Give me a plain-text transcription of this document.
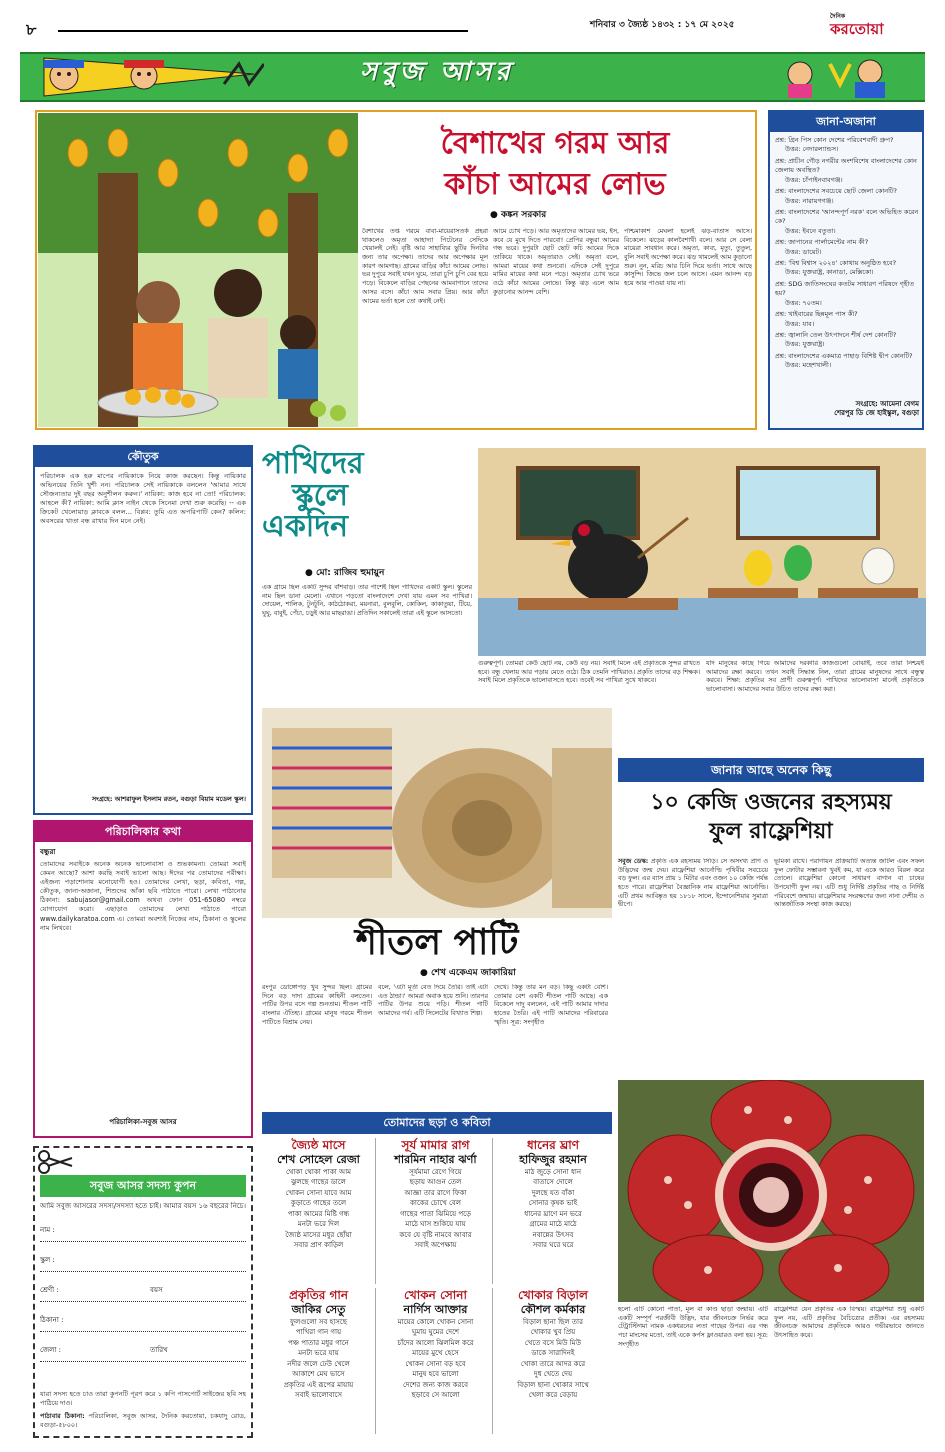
৮	শনিবার ৩ জ্যৈষ্ঠ ১৪৩২ : ১৭ মে ২০২৫
দৈনিক
করতোয়া
সবুজ আসর
বৈশাখের গরম আর
কাঁচা আমের লোভ
● কঙ্কন সরকার
বৈশাখের তপ্ত গরমে বাবা-মায়েরাসতর্ক প্রহরা থাকলেও অমৃতা আহাদ্যা পিটেনের সেদিকে খেয়ালই নেই। বৃষ্টি আর সাহায্যির ছুটির দিনটার জন্য তার অপেক্ষা। তাদের আর অপেক্ষার মূল কারণ আমগাছ। গ্রামের বাড়ির কাঁচা আমের লোভ। ভর দুপুরে সবাই যখন ঘুমে, তারা চুপি চুপি বের হয়ে পড়ে। বিকেলে বাড়ির পেছনের আমবাগানে তাদের আসর বসে। কাঁচা আম সবার প্রিয়। আর কাঁচা আমের ভর্তা হলে তো কথাই নেই।
আমে চোখ পড়ে। আর অমৃতাদের আমের ভয়, ইস, কবে যে মুখে দিতে পারবো! প্রেপির বন্ধুরা আমের গন্ধ ভরে। দুপুরটা ছোট ছোট কচি আমের দিকে তাকিয়ে থাকে। অমৃতারাও সেই। অমৃতা বলে, আমরা মায়ের কথা শুনবো। এদিকে সেই দুপুরে মামির মায়ের কথা মনে পড়ে। অমৃতার চোখ ভরে ওঠে কাঁচা আমের লোভে। কিন্তু ঝড় এলে আম কুড়ানোর আনন্দ বেশি।
পশ্চিমাকাশ মেঘলা হলেই ঝড়-বাতাস আসে। বিকেলে। ঝড়ের কালবৈশাখী বলে। আর সে বেলা মায়েরা সাবধান করে। অমৃতা, কাব্য, মৃত্যু, তুতুল, বুলি সবাই অপেক্ষা করে। ঝড় থামলেই আম কুড়ানো শুরু। নুন, মরিচ আর চিনি দিয়ে ভর্তা। সাথে আছে কাসুন্দি। জিভে জল চলে আসে। এমন আনন্দ বড় হয়ে আর পাওয়া যায় না।
জানা-অজানা

প্রশ্ন: গ্রিন পিস কোন দেশের পরিবেশবাদী গ্রুপ?
উত্তর: নেদারল্যান্ডস।

প্রশ্ন: প্রাচীন গৌড় নগরীর অংশবিশেষ বাংলাদেশের কোন জেলায় অবস্থিত?
উত্তর: চাঁপাইনবাবগঞ্জ।

প্রশ্ন: বাংলাদেশের সবচেয়ে ছোট জেলা কোনটি?
উত্তর: নারায়ণগঞ্জ।

প্রশ্ন: বাংলাদেশের 'আনন্দপূর্ণ নরক' বলে অভিহিত করেন কে?
উত্তর: ইবনে বতুতা।

প্রশ্ন: জাপানের পার্লামেন্টের নাম কী?
উত্তর: ডায়েট।

প্রশ্ন: 'বিশ্ব বিশ্বাস ২০২৪' কোথায় অনুষ্ঠিত হবে?
উত্তর: যুক্তরাষ্ট্র, কানাডা, মেক্সিকো।

প্রশ্ন: SDG জাতিসংঘের কতটম সাধারণ পরিষদে গৃহীত হয়?
উত্তর: ৭০তম।

প্রশ্ন: খাইবারের ছিন্নমূল পাস কী?
উত্তর: যাব।

প্রশ্ন: জ্বালানি তেল উৎপাদনে শীর্ষ দেশ কোনটি?
উত্তর: যুক্তরাষ্ট্র।

প্রশ্ন: বাংলাদেশের একমাত্র পাহাড় বিশিষ্ট দ্বীপ কোনটি?
উত্তর: মহেশখালী।

সংগ্রহে: আমেনা বেগম
শেরপুর ডি জে হাইস্কুল, বগুড়া
কৌতুক
পরিচালক এক হরু মাপের নায়িকাকে নিয়ে কাজ করছেন। কিন্তু নায়িকার অভিনয়ের তিনি খুশী নন। পরিচালক সেই নায়িকাকে বললেন 'আমার সাথে সৌজন্যতার দুই বছর অনুশীলন করুন।' নায়িকা: কাজ হবে না তো! পরিচালক: আহলে কী? নায়িকা: আমি ক্লাস নাইন থেকে সিনেমা দেখা শুরু করেছি। -- এক ক্রিকেট খেলোয়াড় ক্লাবকে বলল... বিপ্লব: তুমি এত অপরিপাটি কেন? কলিন: অবসরের খাতা বন্ধ রাখার দিন মনে নেই।
সংগ্রহে: আশরাফুল ইসলাম রতন, বগুড়া বিয়াম মডেল স্কুল।
পাখিদের
স্কুলে
একদিন
● মো: রাজিব হুমায়ুন
এক গ্রামে ছিল একটি সুন্দর বাঁশবাড়। তার পাশেই ছিল পাখিদের একটি স্কুল। স্কুলের নাম ছিল ডানা মেলো। এখানে পড়তো বাংলাদেশে দেখা যায় এমন সব পাখিরা। দোয়েল, শালিক, টুনটুনি, কাঠঠোকরা, ময়নারা, বুলবুলি, কোকিল, কাকাতুয়া, টিয়ে, ঘুঘু, বাবুই, পেঁচা, চড়ুই আর মাছরাঙা। প্রতিদিন সকালেই তারা এই স্কুলে আসতো।
গুরুত্বপূর্ণ। তোমরা কেউ ছোট নয়, কেউ বড় নয়। সবাই মিলে এই প্রকৃতিকে সুন্দর রাখতে হবে। বন্ধু খেলায় আর পড়ায় মেতে ওঠে। ঠিক তেমনি পাখিরাও। প্রকৃতি তাদের বড় শিক্ষক। সবাই মিলে প্রকৃতিকে ভালোবাসতে হবে। তবেই সব পাখিরা সুখে থাকবে।
যদি মানুষের কাছে গিয়ে আমাদের দরকারি কাজগুলো বোঝাই, তবে তারা নিশ্চয়ই আমাদের রক্ষা করবে। তখন সবাই সিদ্ধান্ত নিল, তারা গ্রামের মানুষদের সাথে বন্ধুত্ব করবে। শিক্ষা: প্রকৃতির সব প্রাণী গুরুত্বপূর্ণ। পাখিদের ভালোবাসা মানেই প্রকৃতিকে ভালোবাসা। আমাদের সবার উচিত তাদের রক্ষা করা।
পরিচালিকার কথা
বন্ধুরা
তোমাদের সবাইকে অনেক অনেক ভালোবাসা ও শুভকামনা। তোমরা সবাই কেমন আছো? আশা করছি সবাই ভালো আছ। ঈদের পর তোমাদের পরীক্ষা। এইজন্য পড়াশোনায় মনোযোগী হও। তোমাদের লেখা, ছড়া, কবিতা, গল্প, কৌতুক, জানা-অজানা, শিশুদের আঁকা ছবি পাঠাতে পারো। লেখা পাঠানোর ঠিকানা: sabujasor@gmail.com অথবা ফোন 051-65080 নম্বরে যোগাযোগ করো। এছাড়াও তোমাদের লেখা পাঠাতে পারো www.dailykaratoa.com এ। তোমরা অবশ্যই নিজের নাম, ঠিকানা ও স্কুলের নাম লিখবে।
পরিচালিকা-সবুজ আসর
শীতল পাটি
● শেখ একেএম জাকারিয়া
রংপুর ডোঙ্গোপড় খুব সুন্দর ছিল। গ্রামের দিনে বড় দাদা গ্রামের কাহিনী বলতেন। পাটির উপর বসে গল্প শুনতাম। শীতল পাটি বাংলার ঐতিহ্য। গ্রামের মানুষ গরমে শীতল পাটিতে বিশ্রাম নেয়।
বলে, 'এটা মূর্তা বেত দিয়ে তৈরি। তাই এটা এত ঠান্ডা।' আমরা অবাক হয়ে শুনি। তারপর পাটির উপর শুয়ে পড়ি। শীতল পাটি আমাদের গর্ব। এটি সিলেটের বিখ্যাত শিল্প।
দেখে। কিন্তু তার মন বড়। কিছু একটা বেশি। তোমার বেশ একটি শীতল পাটি আছে। এক বিকেলে দাদু বললেন, এই পাটি আমার দাদার হাতের তৈরি। এই পাটি আমাদের পরিবারের স্মৃতি। সূত্র: সংগৃহীত
জানার আছে অনেক কিছু
১০ কেজি ওজনের রহস্যময়
ফুল রাফ্লেশিয়া
সবুজ ডেস্ক: প্রকৃতি এক রহস্যময় সিঁড়ি। সে অসংখ্য প্রাণ ও উদ্ভিদের জন্ম দেয়। রাফ্লেশিয়া আর্নোল্ডি পৃথিবীর সবচেয়ে বড় ফুল। এর ব্যাস প্রায় ১ মিটার এবং ওজন ১০ কেজি পর্যন্ত হতে পারে। রাফ্লেশিয়া বৈজ্ঞানিক নাম রাফ্লেশিয়া আর্নোল্ডি। এটি প্রথম আবিষ্কৃত হয় ১৮১৮ সালে, ইন্দোনেশিয়ার সুমাত্রা দ্বীপে।
ভূমিকা রাখে। পরাগায়ন প্রক্রিয়াটি অত্যন্ত জটিল এবং সফল ফুল ফোটার সম্ভাবনা খুবই কম, যা একে আরও বিরল করে তোলে। রাফ্লেশিয়া কোনো সাধারণ বাগান বা চাষের উপযোগী ফুল নয়। এটি শুধু নির্দিষ্ট প্রকৃতির গাছ ও নির্দিষ্ট পরিবেশে জন্মায়। রাফ্লেশিয়ার সংরক্ষণের জন্য নানা দেশীয় ও আন্তর্জাতিক সংস্থা কাজ করছে।
হলো এটি কোনো পাতা, মূল বা কাণ্ড ছাড়া জন্মায়। এটি একটি সম্পূর্ণ পরজীবী উদ্ভিদ, যার জীবনচক্র নির্ভর করে টেট্রাস্টিগমা নামক একধরনের লতা গাছের উপর। এর গন্ধ পচা মাংসের মতো, তাই একে কর্পস ফ্লাওয়ারও বলা হয়। সূত্র: সংগৃহীত
রাফ্লেশিয়া যেন প্রকৃতির এক বিস্ময়। রাফ্লেশিয়া শুধু একটি ফুল নয়, এটি প্রকৃতির বৈচিত্র্যের প্রতীক। এর রহস্যময় জীবনচক্র আমাদের প্রকৃতিকে আরও গভীরভাবে জানতে উৎসাহিত করে।
তোমাদের ছড়া ও কবিতা
জ্যৈষ্ঠ মাসে
শেখ সোহেল রেজা
থোকা থোকা পাকা আম
ঝুলছে গাছের ডালে
খোকন সোনা যাবে আম
কুড়াতে গাছের তলে
পাকা আমের মিষ্টি গন্ধ
মনটা ভরে দিল
জ্যৈষ্ঠ মাসের মধুর ছোঁয়া
সবার প্রাণ কাড়িল
সূর্য মামার রাগ
শারমিন নাহার ঝর্ণা
সূর্যমামা রেগে গিয়ে
ছড়ায় আগুন তেল
আজ্ঞা তার রাগে ফিকা
কাকের চোখে বেল
গাছের পাতা ঝিমিয়ে পড়ে
মাঠে ঘাস শুকিয়ে যায়
কবে যে বৃষ্টি নামবে আবার
সবাই অপেক্ষায়
ধানের ঘ্রাণ
হাফিজুর রহমান
মাঠ জুড়ে সোনা ধান
বাতাসে দোলে
দুলছে যত বাঁকা
সোনার কৃষক ভাই
ধানের ঘ্রাণে মন ভরে
গ্রামের মাঠে মাঠে
নবান্নের উৎসব
সবার ঘরে ঘরে
প্রকৃতির গান
জাকির সেতু
ফুলগুলো সব হাসছে
পাখিরা গান গায়
পঞ্চ পাতার মধুর গানে
মনটা ভরে যায়
নদীর জলে ঢেউ খেলে
আকাশে মেঘ ভাসে
প্রকৃতির এই রূপের মায়ায়
সবাই ভালোবাসে
খোকন সোনা
নার্গিস আক্তার
মায়ের কোলে খোকন সোনা
ঘুমায় ঘুমের দেশে
চাঁদের আলো ঝিলমিল করে
মায়ের মুখে হেসে
খোকন সোনা বড় হবে
মানুষ হবে ভালো
দেশের জন্য কাজ করবে
ছড়াবে সে আলো
খোকার বিড়াল
কৌশল কর্মকার
বিড়াল ছানা ছিল তার
খোকার খুব প্রিয়
খেতে বসে মিউ মিউ
ডাকে সারাদিনই
খোকা তারে আদর করে
দুধ খেতে দেয়
বিড়াল ছানা খোকার সাথে
খেলা করে বেড়ায়
সবুজ আসর সদস্য কুপন
আমি সবুজ আসরের সদস্য/সদস্যা হতে চাই। আমার বয়স ১৬ বছরের নিচে।
নাম :
স্কুল :
শ্রেণী :	বয়স
ঠিকানা :
জেলা :	তারিখ
যারা সদস্য হতে চাও তারা কুপনটি পূরণ করে ১ কপি পাসপোর্ট সাইজের ছবি সহ পাঠিয়ে দাও।
পাঠাবার ঠিকানা: পরিচালিকা, সবুজ আসর, দৈনিক করতোয়া, চকযাদু রোড, বগুড়া-৫৮০০।
